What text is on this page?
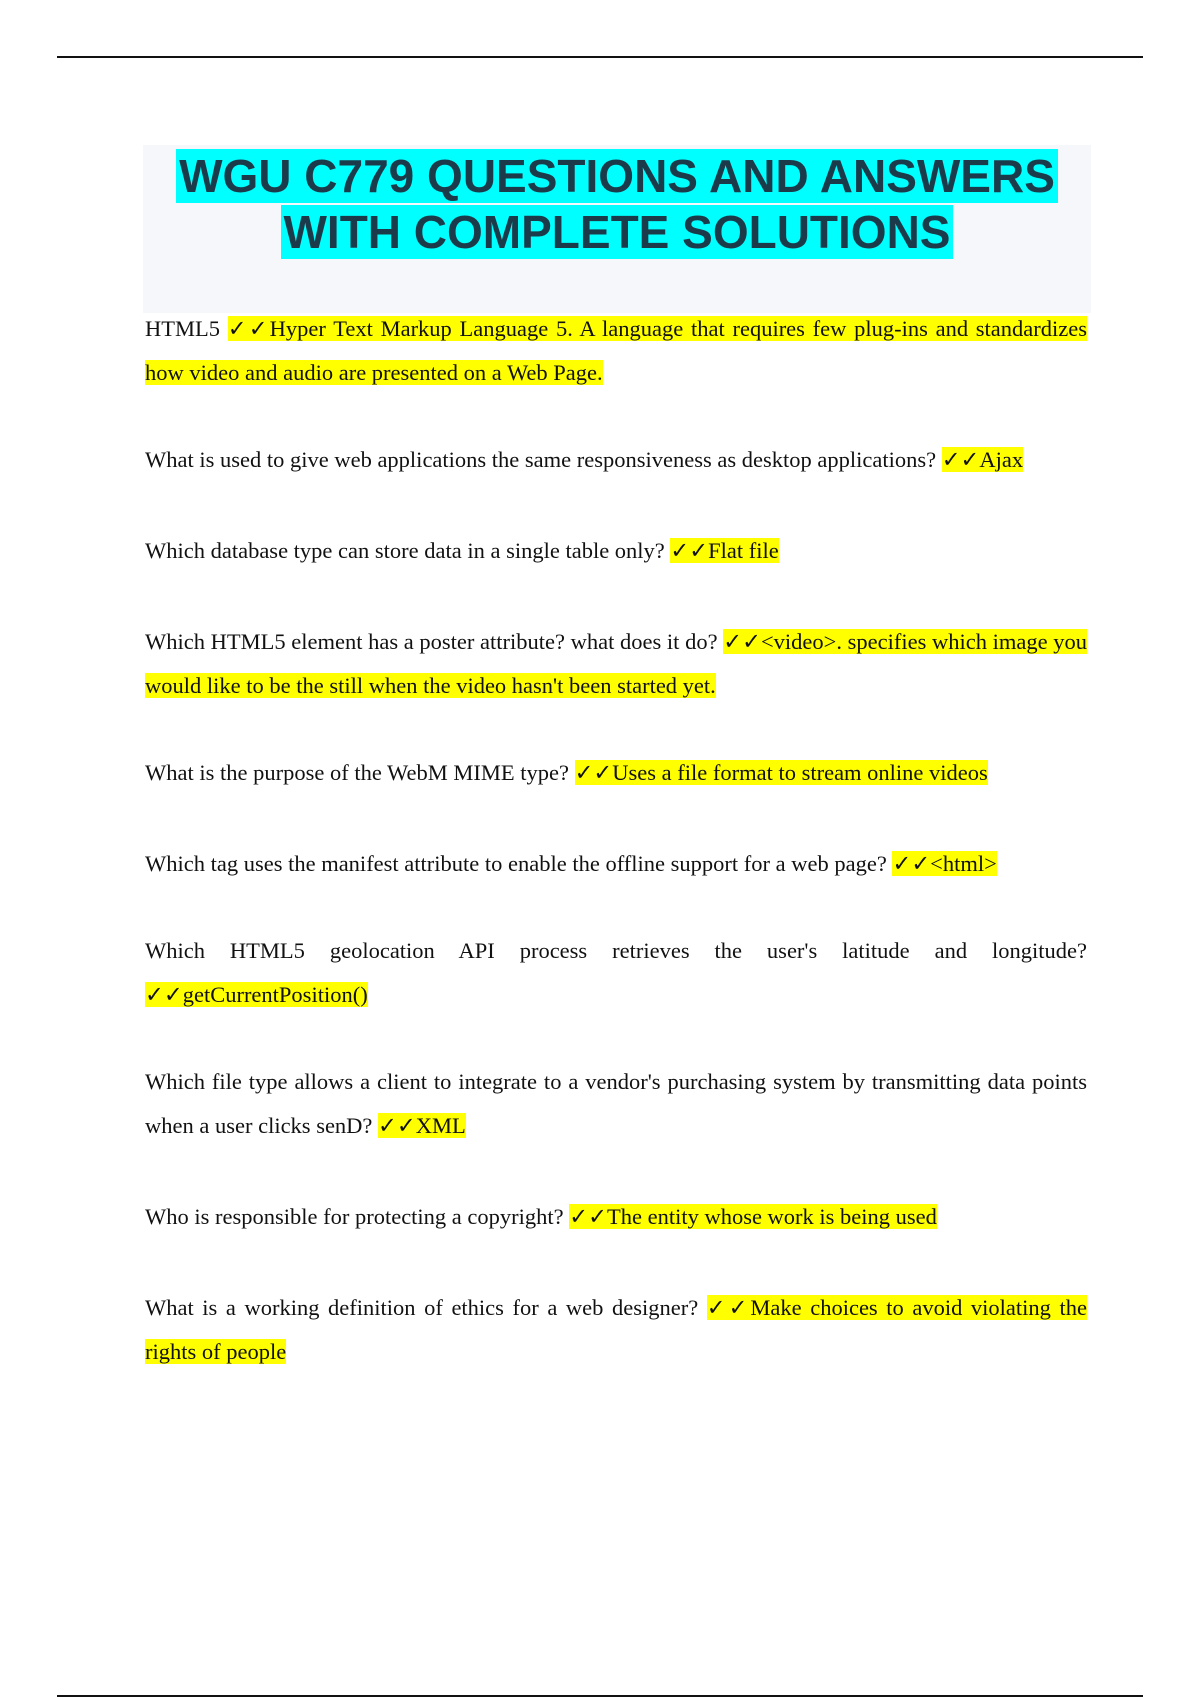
WGU C779 QUESTIONS AND ANSWERS
WITH COMPLETE SOLUTIONS
HTML5 ✓✓Hyper Text Markup Language 5. A language that requires few plug-ins and standardizes how video and audio are presented on a Web Page.
What is used to give web applications the same responsiveness as desktop applications? ✓✓Ajax
Which database type can store data in a single table only? ✓✓Flat file
Which HTML5 element has a poster attribute? what does it do? ✓✓<video>. specifies which image you would like to be the still when the video hasn't been started yet.
What is the purpose of the WebM MIME type? ✓✓Uses a file format to stream online videos
Which tag uses the manifest attribute to enable the offline support for a web page? ✓✓<html>
Which HTML5 geolocation API process retrieves the user's latitude and longitude? ✓✓getCurrentPosition()
Which file type allows a client to integrate to a vendor's purchasing system by transmitting data points when a user clicks senD? ✓✓XML
Who is responsible for protecting a copyright? ✓✓The entity whose work is being used
What is a working definition of ethics for a web designer? ✓✓Make choices to avoid violating the rights of people
